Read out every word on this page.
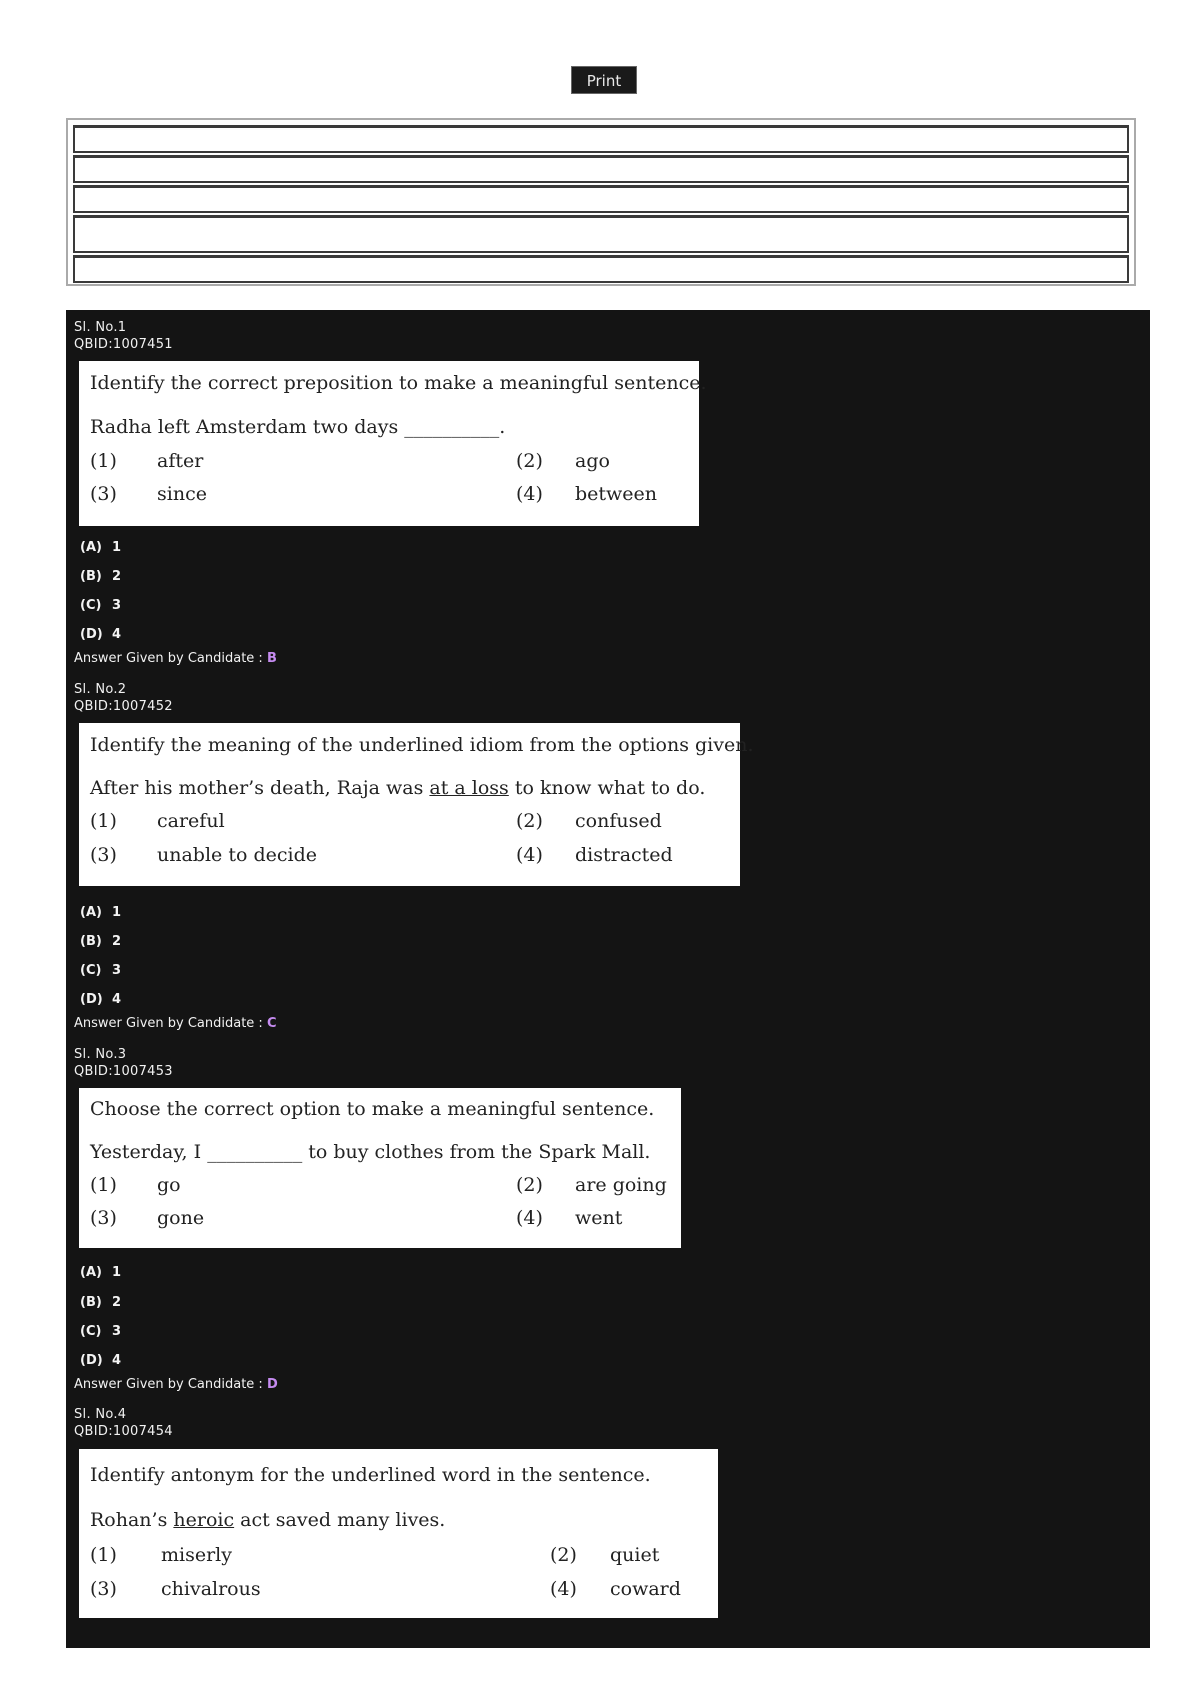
Print
Sl. No.1
QBID:1007451
Identify the correct preposition to make a meaningful sentence.
Radha left Amsterdam two days __________.
(1) after	(2) ago
(3) since	(4) between
(A) 1
(B) 2
(C) 3
(D) 4
Answer Given by Candidate : B
Sl. No.2
QBID:1007452
Identify the meaning of the underlined idiom from the options given.
After his mother’s death, Raja was at a loss to know what to do.
(1) careful	(2) confused
(3) unable to decide	(4) distracted
(A) 1
(B) 2
(C) 3
(D) 4
Answer Given by Candidate : C
Sl. No.3
QBID:1007453
Choose the correct option to make a meaningful sentence.
Yesterday, I __________ to buy clothes from the Spark Mall.
(1) go	(2) are going
(3) gone	(4) went
(A) 1
(B) 2
(C) 3
(D) 4
Answer Given by Candidate : D
Sl. No.4
QBID:1007454
Identify antonym for the underlined word in the sentence.
Rohan’s heroic act saved many lives.
(1) miserly	(2) quiet
(3) chivalrous	(4) coward
